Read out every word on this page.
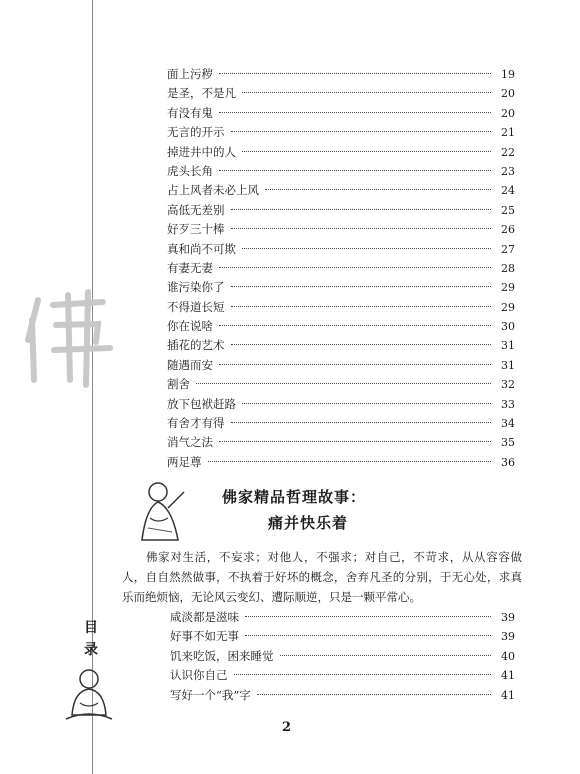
面上污秽	19
是圣，不是凡	20
有没有鬼	20
无言的开示	21
掉进井中的人	22
虎头长角	23
占上风者未必上风	24
高低无差别	25
好歹三十棒	26
真和尚不可欺	27
有妻无妻	28
谁污染你了	29
不得道长短	29
你在说啥	30
插花的艺术	31
随遇而安	31
割舍	32
放下包袱赶路	33
有舍才有得	34
消气之法	35
两足尊	36
佛家精品哲理故事：
痛并快乐着
佛家对生活，不妄求；对他人，不强求；对自己，不苛求，从从容容做人，自自然然做事，不执着于好坏的概念，舍弃凡圣的分别，于无心处，求真乐而绝烦恼，无论风云变幻、遭际顺逆，只是一颗平常心。
咸淡都是滋味	39
好事不如无事	39
饥来吃饭，困来睡觉	40
认识你自己	41
写好一个“我”字	41
目
录
2
